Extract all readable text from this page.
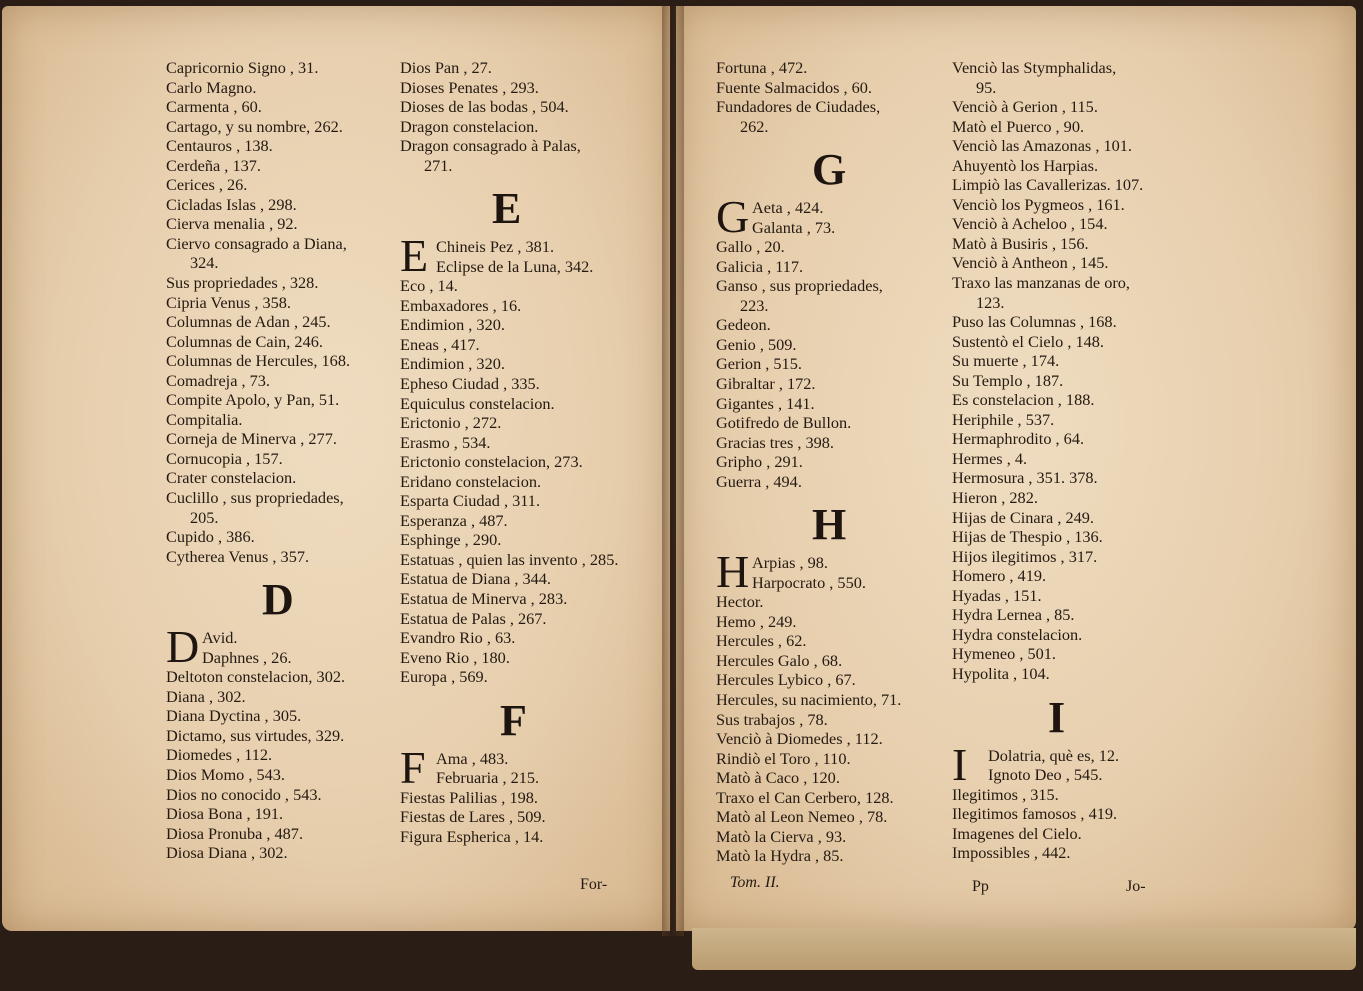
Capricornio Signo , 31.
Carlo Magno.
Carmenta , 60.
Cartago, y su nombre, 262.
Centauros , 138.
Cerdeña , 137.
Cerices , 26.
Cicladas Islas , 298.
Cierva menalia , 92.
Ciervo consagrado a Diana,
324.
Sus propriedades , 328.
Cipria Venus , 358.
Columnas de Adan , 245.
Columnas de Cain, 246.
Columnas de Hercules, 168.
Comadreja , 73.
Compite Apolo, y Pan, 51.
Compitalia.
Corneja de Minerva , 277.
Cornucopia , 157.
Crater constelacion.
Cuclillo , sus propriedades,
205.
Cupido , 386.
Cytherea Venus , 357.
D
D Avid.
Daphnes , 26.
Deltoton constelacion, 302.
Diana , 302.
Diana Dyctina , 305.
Dictamo, sus virtudes, 329.
Diomedes , 112.
Dios Momo , 543.
Dios no conocido , 543.
Diosa Bona , 191.
Diosa Pronuba , 487.
Diosa Diana , 302.
Dios Pan , 27.
Dioses Penates , 293.
Dioses de las bodas , 504.
Dragon constelacion.
Dragon consagrado à Palas,
271.
E
E Chineis Pez , 381.
Eclipse de la Luna, 342.
Eco , 14.
Embaxadores , 16.
Endimion , 320.
Eneas , 417.
Endimion , 320.
Epheso Ciudad , 335.
Equiculus constelacion.
Erictonio , 272.
Erasmo , 534.
Erictonio constelacion, 273.
Eridano constelacion.
Esparta Ciudad , 311.
Esperanza , 487.
Esphinge , 290.
Estatuas , quien las invento , 285.
Estatua de Diana , 344.
Estatua de Minerva , 283.
Estatua de Palas , 267.
Evandro Rio , 63.
Eveno Rio , 180.
Europa , 569.
F
F Ama , 483.
Februaria , 215.
Fiestas Palilias , 198.
Fiestas de Lares , 509.
Figura Espherica , 14.
For-
Fortuna , 472.
Fuente Salmacidos , 60.
Fundadores de Ciudades,
262.
G
G Aeta , 424.
Galanta , 73.
Gallo , 20.
Galicia , 117.
Ganso , sus propriedades,
223.
Gedeon.
Genio , 509.
Gerion , 515.
Gibraltar , 172.
Gigantes , 141.
Gotifredo de Bullon.
Gracias tres , 398.
Gripho , 291.
Guerra , 494.
H
H Arpias , 98.
Harpocrato , 550.
Hector.
Hemo , 249.
Hercules , 62.
Hercules Galo , 68.
Hercules Lybico , 67.
Hercules, su nacimiento, 71.
Sus trabajos , 78.
Venciò à Diomedes , 112.
Rindiò el Toro , 110.
Matò à Caco , 120.
Traxo el Can Cerbero, 128.
Matò al Leon Nemeo , 78.
Matò la Cierva , 93.
Matò la Hydra , 85.
Tom. II.
Venciò las Stymphalidas,
95.
Venciò à Gerion , 115.
Matò el Puerco , 90.
Venciò las Amazonas , 101.
Ahuyentò los Harpias.
Limpiò las Cavallerizas. 107.
Venciò los Pygmeos , 161.
Venciò à Acheloo , 154.
Matò à Busiris , 156.
Venciò à Antheon , 145.
Traxo las manzanas de oro,
123.
Puso las Columnas , 168.
Sustentò el Cielo , 148.
Su muerte , 174.
Su Templo , 187.
Es constelacion , 188.
Heriphile , 537.
Hermaphrodito , 64.
Hermes , 4.
Hermosura , 351. 378.
Hieron , 282.
Hijas de Cinara , 249.
Hijas de Thespio , 136.
Hijos ilegitimos , 317.
Homero , 419.
Hyadas , 151.
Hydra Lernea , 85.
Hydra constelacion.
Hymeneo , 501.
Hypolita , 104.
I
I Dolatria, què es, 12.
Ignoto Deo , 545.
Ilegitimos , 315.
Ilegitimos famosos , 419.
Imagenes del Cielo.
Impossibles , 442.
Pp	Jo-
